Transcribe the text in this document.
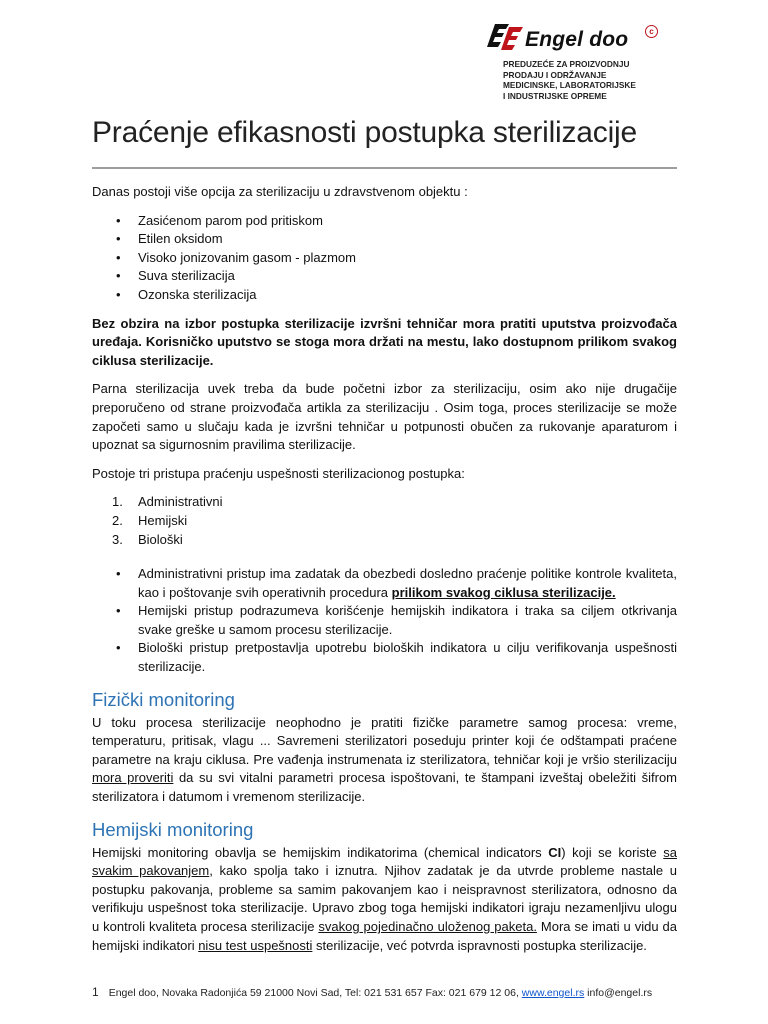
Engel doo	c
PREDUZEĆE ZA PROIZVODNJU
PRODAJU I ODRŽAVANJE
MEDICINSKE, LABORATORIJSKE
I INDUSTRIJSKE OPREME
Praćenje efikasnosti postupka sterilizacije

Danas postoji više opcija za sterilizaciju u zdravstvenom objektu :

• Zasićenom parom pod pritiskom
• Etilen oksidom
• Visoko jonizovanim gasom - plazmom
• Suva sterilizacija
• Ozonska sterilizacija

Bez obzira na izbor postupka sterilizacije izvršni tehničar mora pratiti uputstva proizvođača uređaja. Korisničko uputstvo se stoga mora držati na mestu, lako dostupnom prilikom svakog ciklusa sterilizacije.

Parna sterilizacija uvek treba da bude početni izbor za sterilizaciju, osim ako nije drugačije preporučeno od strane proizvođača artikla za sterilizaciju . Osim toga, proces sterilizacije se može započeti samo u slučaju kada je izvršni tehničar u potpunosti obučen za rukovanje aparaturom i upoznat sa sigurnosnim pravilima sterilizacije.

Postoje tri pristupa praćenju uspešnosti sterilizacionog postupka:

1. Administrativni
2. Hemijski
3. Biološki
• Administrativni pristup ima zadatak da obezbedi dosledno praćenje politike kontrole kvaliteta, kao i poštovanje svih operativnih procedura prilikom svakog ciklusa sterilizacije.
• Hemijski pristup podrazumeva korišćenje hemijskih indikatora i traka sa ciljem otkrivanja svake greške u samom procesu sterilizacije.
• Biološki pristup pretpostavlja upotrebu bioloških indikatora u cilju verifikovanja uspešnosti sterilizacije.
Fizički monitoring

U toku procesa sterilizacije neophodno je pratiti fizičke parametre samog procesa: vreme, temperaturu, pritisak, vlagu ... Savremeni sterilizatori poseduju printer koji će odštampati praćene parametre na kraju ciklusa. Pre vađenja instrumenata iz sterilizatora, tehničar koji je vršio sterilizaciju mora proveriti da su svi vitalni parametri procesa ispoštovani, te štampani izveštaj obeležiti šifrom sterilizatora i datumom i vremenom sterilizacije.

Hemijski monitoring

Hemijski monitoring obavlja se hemijskim indikatorima (chemical indicators CI) koji se koriste sa svakim pakovanjem, kako spolja tako i iznutra. Njihov zadatak je da utvrde probleme nastale u postupku pakovanja, probleme sa samim pakovanjem kao i neispravnost sterilizatora, odnosno da verifikuju uspešnost toka sterilizacije. Upravo zbog toga hemijski indikatori igraju nezamenljivu ulogu u kontroli kvaliteta procesa sterilizacije svakog pojedinačno uloženog paketa. Mora se imati u vidu da hemijski indikatori nisu test uspešnosti sterilizacije, već potvrda ispravnosti postupka sterilizacije.

1 Engel doo, Novaka Radonjića 59 21000 Novi Sad, Tel: 021 531 657 Fax: 021 679 12 06, www.engel.rs info@engel.rs
